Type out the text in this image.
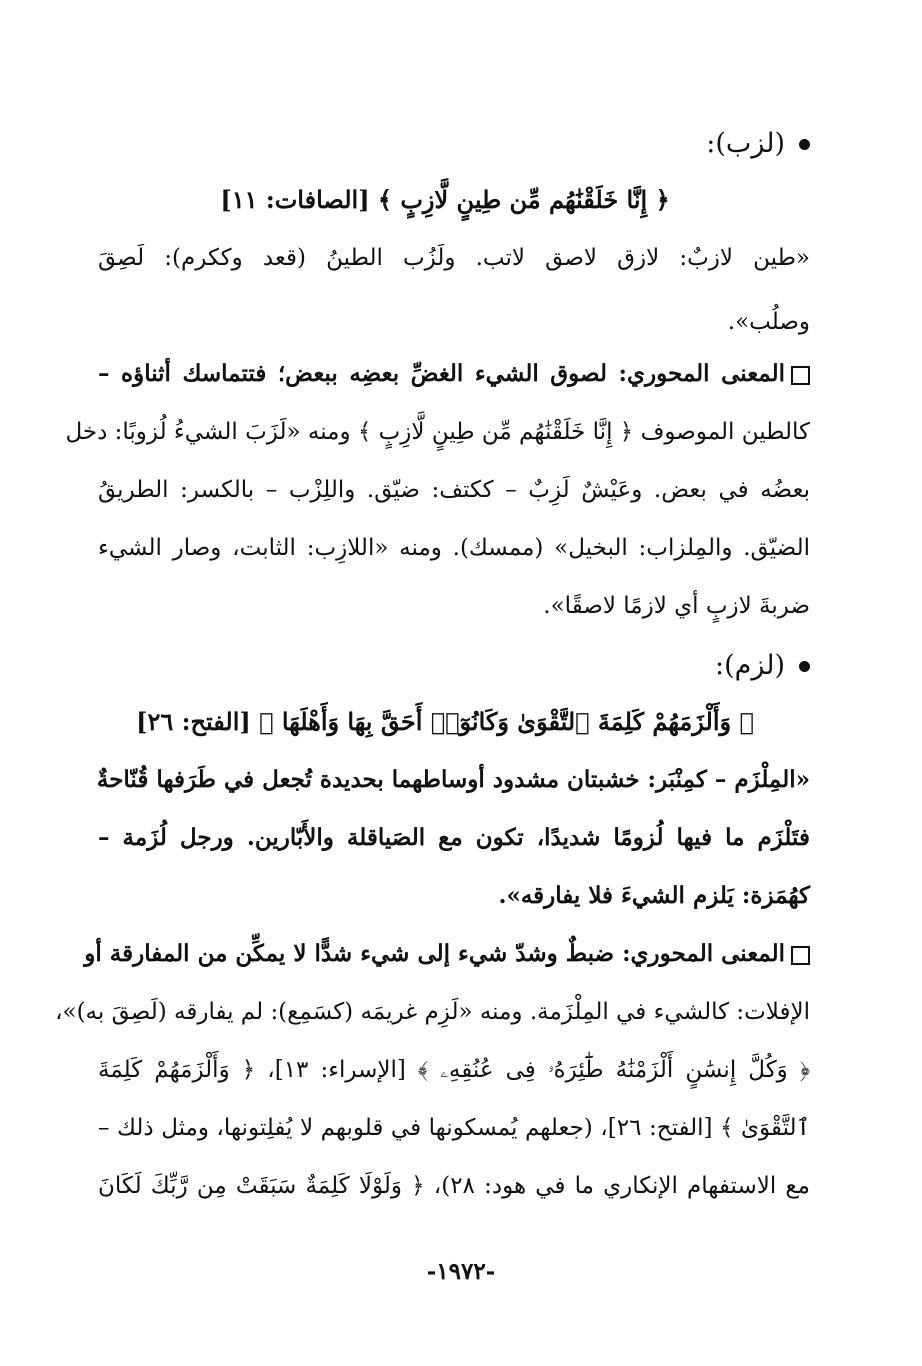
(لزب):
﴿ إِنَّا خَلَقْنَٰهُم مِّن طِينٍ لَّازِبٍ ﴾ [الصافات: ١١]
«طين لازبٌ: لازق لاصق لاتب. ولَزُب الطينُ (قعد وككرم): لَصِقَ
وصلُب».
المعنى المحوري: لصوق الشيء الغضِّ بعضِه ببعض؛ فتتماسك أثناؤه –
كالطين الموصوف ﴿ إِنَّا خَلَقْنَٰهُم مِّن طِينٍ لَّازِبٍ ﴾ ومنه «لَزَبَ الشيءُ لُزوبًا: دخل
بعضُه في بعض. وعَيْشٌ لَزِبٌ – ككتف: ضيّق. واللِزْب – بالكسر: الطريقُ
الضيّق. والمِلزاب: البخيل» (ممسك). ومنه «اللازِب: الثابت، وصار الشيء
ضربةَ لازبٍ أي لازمًا لاصقًا».
(لزم):
﴿ وَأَلْزَمَهُمْ كَلِمَةَ ٱلتَّقْوَىٰ وَكَانُوٓا۟ أَحَقَّ بِهَا وَأَهْلَهَا ﴾ [الفتح: ٢٦]
«المِلْزَم – كمِنْبَر: خشبتان مشدود أوساطهما بحديدة تُجعل في طَرَفها قُنّاحةٌ
فتَلْزَم ما فيها لُزومًا شديدًا، تكون مع الصَياقلة والأَبّارين. ورجل لُزَمة –
كهُمَزة: يَلزم الشيءَ فلا يفارقه».
المعنى المحوري: ضبطٌ وشدّ شيء إلى شيء شدًّا لا يمكِّن من المفارقة أو
الإفلات: كالشيء في المِلْزَمة. ومنه «لَزِم غريمَه (كسَمِع): لم يفارقه (لَصِقَ به)»،
﴿ وَكُلَّ إِنسَٰنٍ أَلْزَمْنَٰهُ طَٰٓئِرَهُۥ فِى عُنُقِهِۦ ﴾ [الإسراء: ١٣]، ﴿ وَأَلْزَمَهُمْ كَلِمَةَ
ٱلتَّقْوَىٰ ﴾ [الفتح: ٢٦]، (جعلهم يُمسكونها في قلوبهم لا يُفلِتونها، ومثل ذلك –
مع الاستفهام الإنكاري ما في هود: ٢٨)، ﴿ وَلَوْلَا كَلِمَةٌ سَبَقَتْ مِن رَّبِّكَ لَكَانَ
-١٩٧٢-
